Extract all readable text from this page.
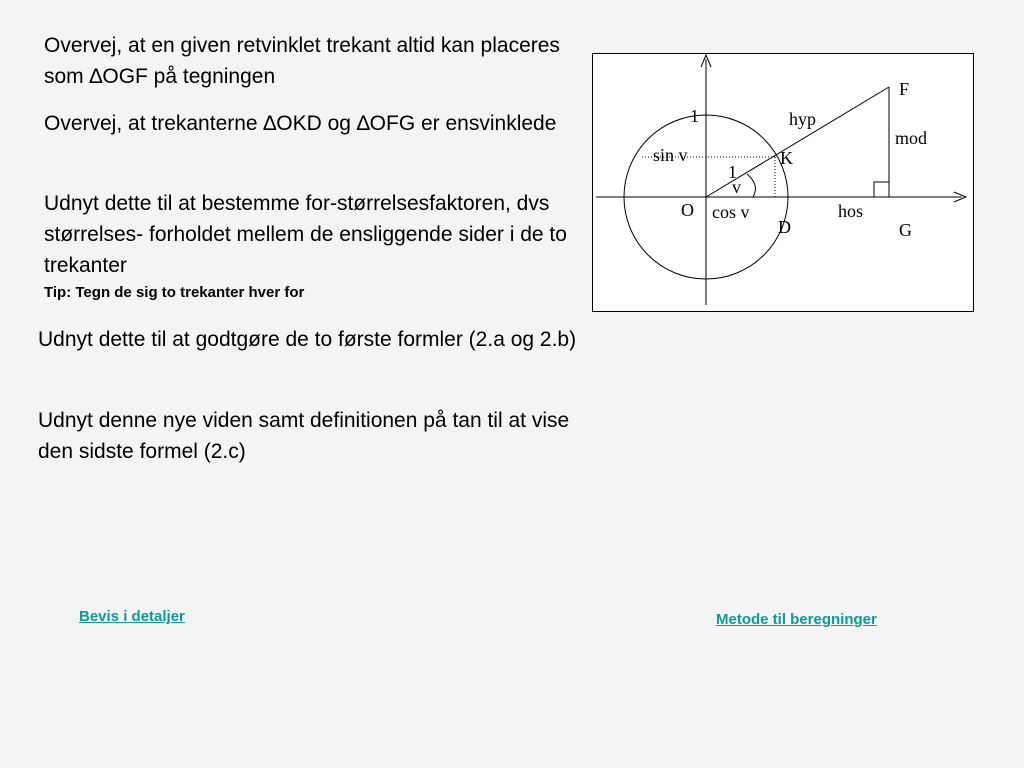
Overvej, at en given retvinklet trekant altid kan placeres som ∆OGF på tegningen

Overvej, at trekanterne ∆OKD og ∆OFG er ensvinklede

Udnyt dette til at bestemme for-størrelsesfaktoren, dvs størrelses- forholdet mellem de ensliggende sider i de to trekanter

Tip: Tegn de sig to trekanter hver for

Udnyt dette til at godtgøre de to første formler (2.a og 2.b)

Udnyt denne nye viden samt definitionen på tan til at vise den sidste formel (2.c)

Bevis i detaljer	Metode til beregninger
1
sin v
1
v
O cos v
D
hos
G
hyp
K
F
mod
